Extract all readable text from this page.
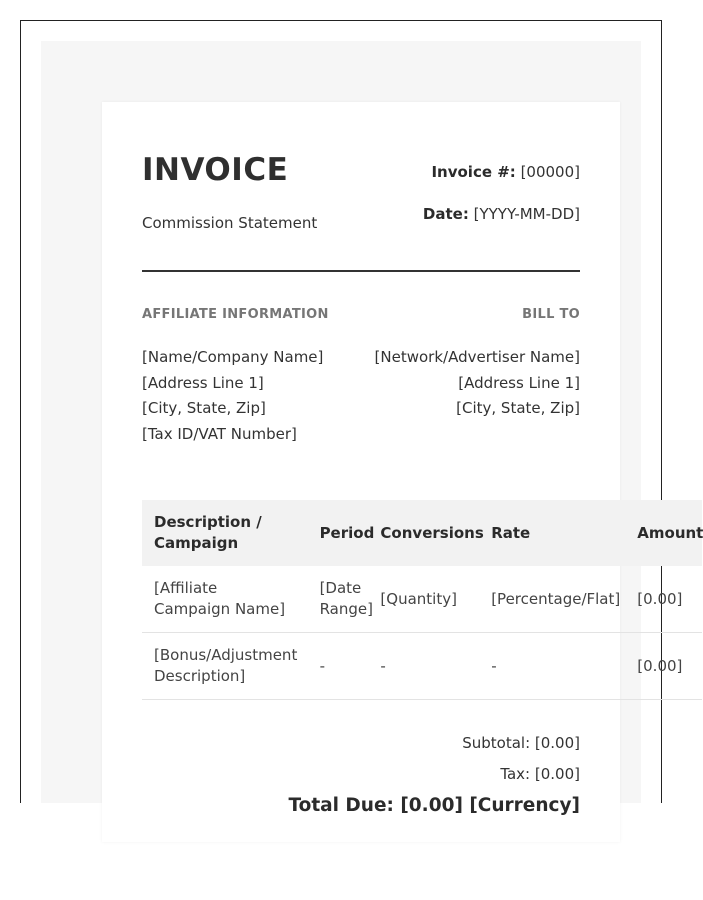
INVOICE
Commission Statement
Invoice #: [00000]
Date: [YYYY-MM-DD]
AFFILIATE INFORMATION	BILL TO
[Name/Company Name]
[Address Line 1]
[City, State, Zip]
[Tax ID/VAT Number]
[Network/Advertiser Name]
[Address Line 1]
[City, State, Zip]
Description / Campaign	Period	Conversions	Rate	Amount
[Affiliate Campaign Name]	[Date Range]	[Quantity]	[Percentage/Flat]	[0.00]
[Bonus/Adjustment Description]	-	-	-	[0.00]
Subtotal: [0.00]
Tax: [0.00]
Total Due: [0.00] [Currency]
